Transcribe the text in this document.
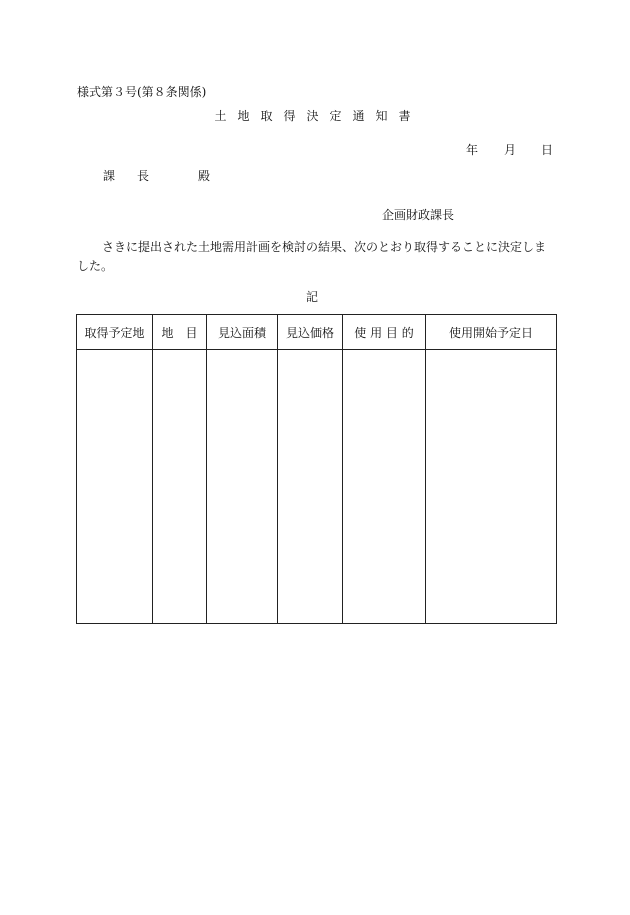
様式第３号(第８条関係)
土地取得決定通知書
年 月 日
課長 殿
企画財政課長
さきに提出された土地需用計画を検討の結果、次のとおり取得することに決定しました。
記
取得予定地	地　目	見込面積	見込価格	使 用 目 的	使用開始予定日
